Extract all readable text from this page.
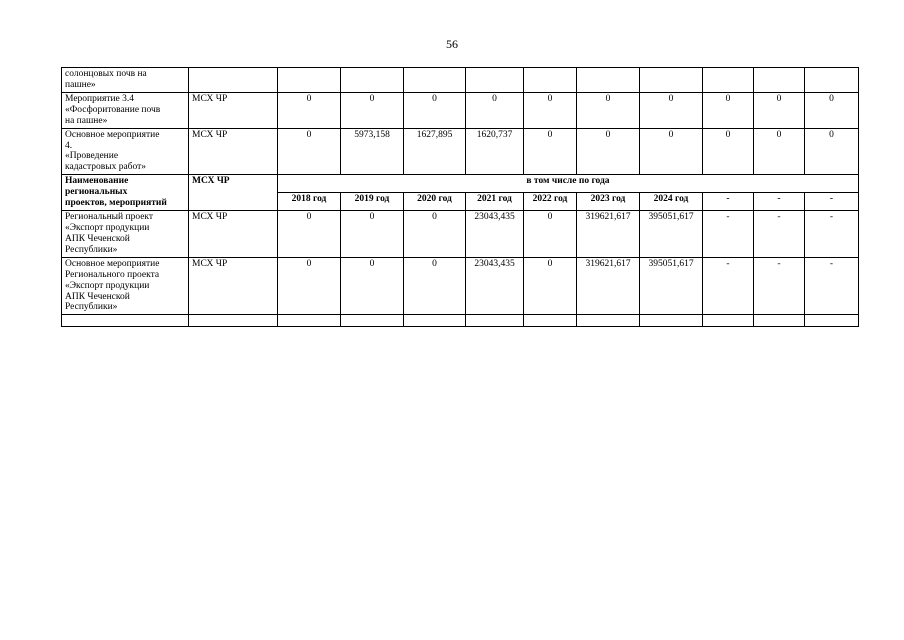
56
солонцовых почв на
пашне»											

Мероприятие 3.4
«Фосфоритование почв
на пашне»	МСХ ЧР	0	0	0	0	0	0	0	0	0	0

Основное мероприятие
4.
«Проведение
кадастровых работ»	МСХ ЧР	0	5973,158	1627,895	1620,737	0	0	0	0	0	0

Наименование
региональных
проектов, мероприятий	МСХ ЧР	в том числе по года									
		2018 год	2019 год	2020 год	2021 год	2022 год	2023 год	2024 год	-	-	-

Региональный проект
«Экспорт продукции
АПК Чеченской
Республики»	МСХ ЧР	0	0	0	23043,435	0	319621,617	395051,617	-	-	-

Основное мероприятие
Регионального проекта
«Экспорт продукции
АПК Чеченской
Республики»	МСХ ЧР	0	0	0	23043,435	0	319621,617	395051,617	-	-	-
